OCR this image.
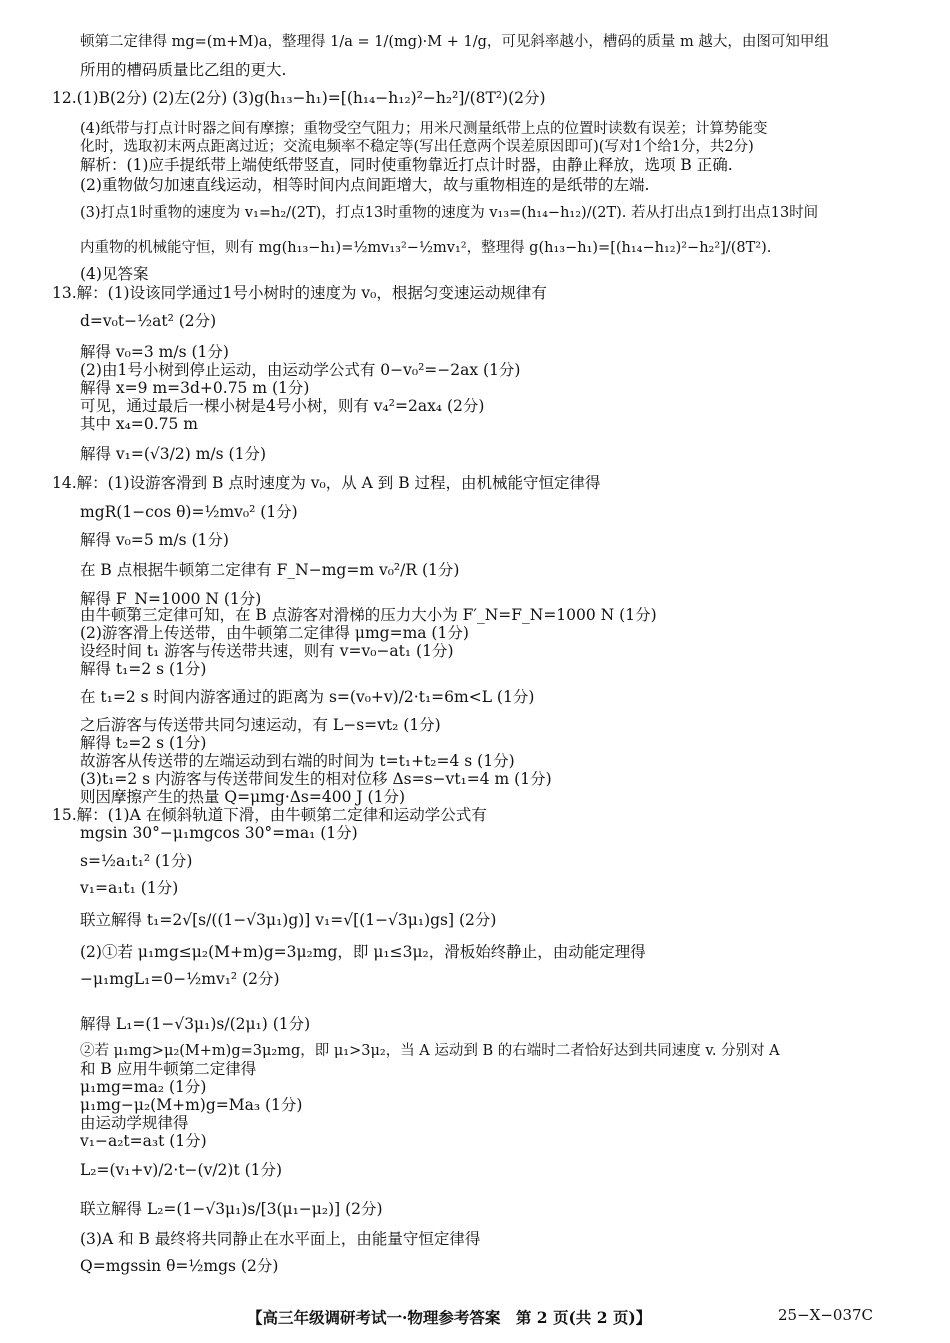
顿第二定律得 mg=(m+M)a，整理得 1/a = 1/(mg)·M + 1/g，可见斜率越小，槽码的质量 m 越大，由图可知甲组
所用的槽码质量比乙组的更大.
12.(1)B(2分) (2)左(2分) (3)g(h₁₃−h₁)=[(h₁₄−h₁₂)²−h₂²]/(8T²)(2分)
(4)纸带与打点计时器之间有摩擦；重物受空气阻力；用米尺测量纸带上点的位置时读数有误差；计算势能变
化时，选取初末两点距离过近；交流电频率不稳定等(写出任意两个误差原因即可)(写对1个给1分，共2分)
解析：(1)应手提纸带上端使纸带竖直，同时使重物靠近打点计时器，由静止释放，选项 B 正确.
(2)重物做匀加速直线运动，相等时间内点间距增大，故与重物相连的是纸带的左端.
(3)打点1时重物的速度为 v₁=h₂/(2T)，打点13时重物的速度为 v₁₃=(h₁₄−h₁₂)/(2T). 若从打出点1到打出点13时间
内重物的机械能守恒，则有 mg(h₁₃−h₁)=½mv₁₃²−½mv₁²，整理得 g(h₁₃−h₁)=[(h₁₄−h₁₂)²−h₂²]/(8T²).
(4)见答案
13.解：(1)设该同学通过1号小树时的速度为 v₀，根据匀变速运动规律有
d=v₀t−½at² (2分)
解得 v₀=3 m/s (1分)
(2)由1号小树到停止运动，由运动学公式有 0−v₀²=−2ax (1分)
解得 x=9 m=3d+0.75 m (1分)
可见，通过最后一棵小树是4号小树，则有 v₄²=2ax₄ (2分)
其中 x₄=0.75 m
解得 v₁=(√3/2) m/s (1分)
14.解：(1)设游客滑到 B 点时速度为 v₀，从 A 到 B 过程，由机械能守恒定律得
mgR(1−cos θ)=½mv₀² (1分)
解得 v₀=5 m/s (1分)
在 B 点根据牛顿第二定律有 F_N−mg=m v₀²/R (1分)
解得 F_N=1000 N (1分)
由牛顿第三定律可知，在 B 点游客对滑梯的压力大小为 F′_N=F_N=1000 N (1分)
(2)游客滑上传送带，由牛顿第二定律得 μmg=ma (1分)
设经时间 t₁ 游客与传送带共速，则有 v=v₀−at₁ (1分)
解得 t₁=2 s (1分)
在 t₁=2 s 时间内游客通过的距离为 s=(v₀+v)/2·t₁=6m<L (1分)
之后游客与传送带共同匀速运动，有 L−s=vt₂ (1分)
解得 t₂=2 s (1分)
故游客从传送带的左端运动到右端的时间为 t=t₁+t₂=4 s (1分)
(3)t₁=2 s 内游客与传送带间发生的相对位移 Δs=s−vt₁=4 m (1分)
则因摩擦产生的热量 Q=μmg·Δs=400 J (1分)
15.解：(1)A 在倾斜轨道下滑，由牛顿第二定律和运动学公式有
mgsin 30°−μ₁mgcos 30°=ma₁ (1分)
s=½a₁t₁² (1分)
v₁=a₁t₁ (1分)
联立解得 t₁=2√[s/((1−√3μ₁)g)] v₁=√[(1−√3μ₁)gs] (2分)
(2)①若 μ₁mg≤μ₂(M+m)g=3μ₂mg，即 μ₁≤3μ₂，滑板始终静止，由动能定理得
−μ₁mgL₁=0−½mv₁² (2分)
解得 L₁=(1−√3μ₁)s/(2μ₁) (1分)
②若 μ₁mg>μ₂(M+m)g=3μ₂mg，即 μ₁>3μ₂，当 A 运动到 B 的右端时二者恰好达到共同速度 v. 分别对 A
和 B 应用牛顿第二定律得
μ₁mg=ma₂ (1分)
μ₁mg−μ₂(M+m)g=Ma₃ (1分)
由运动学规律得
v₁−a₂t=a₃t (1分)
L₂=(v₁+v)/2·t−(v/2)t (1分)
联立解得 L₂=(1−√3μ₁)s/[3(μ₁−μ₂)] (2分)
(3)A 和 B 最终将共同静止在水平面上，由能量守恒定律得
Q=mgssin θ=½mgs (2分)
【高三年级调研考试一·物理参考答案　第 2 页(共 2 页)】	25−X−037C
